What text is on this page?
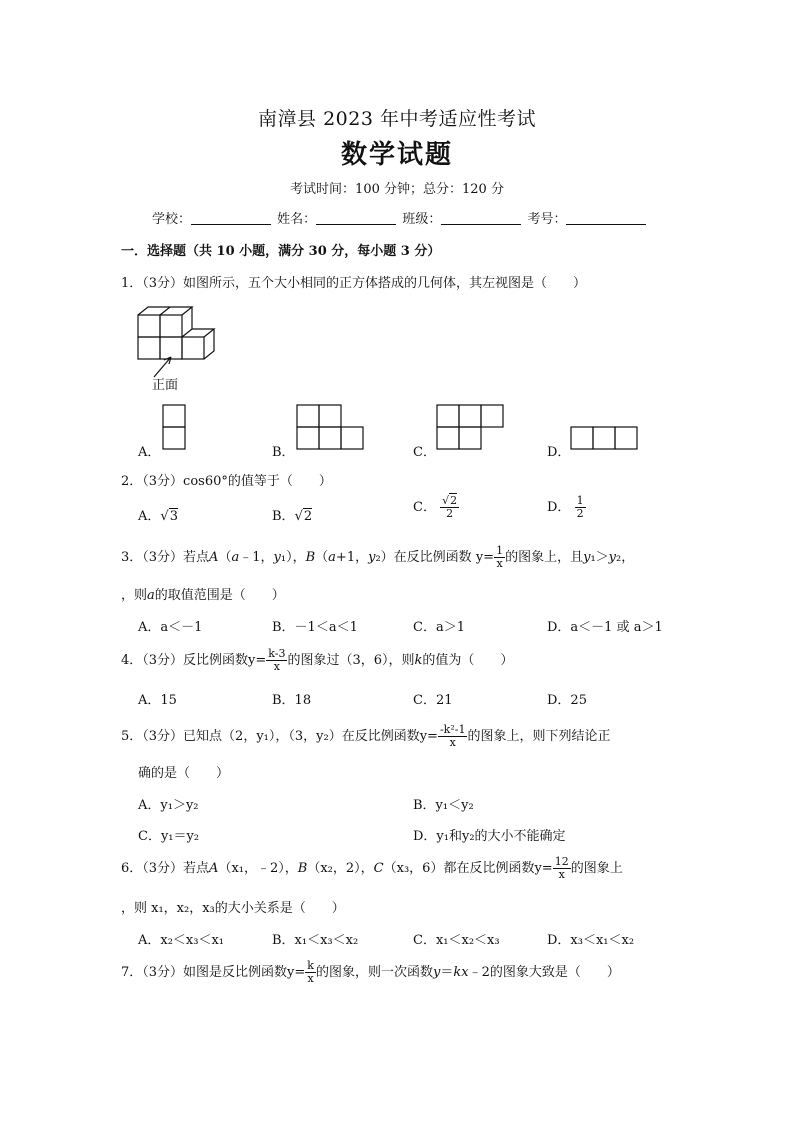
南漳县 2023 年中考适应性考试
数学试题
考试时间：100 分钟；总分：120 分
学校：	姓名：	班级：	考号：
一．选择题（共 10 小题，满分 30 分，每小题 3 分）
1．（3分）如图所示，五个大小相同的正方体搭成的几何体，其左视图是（　　）
正面
A．	B．	C．	D．
2．（3分）cos60°的值等于（　　）
A．√3	B．√2
C． $\frac{√2}{2}$	D． $\frac{1}{2}$
3．（3分）若点A（a﹣1，y₁），B（a+1，y₂）在反比例函数 $y= \frac{1}{x}$ 的图象上，且y₁＞y₂，
，则a的取值范围是（　　）
A．a＜－1	B．－1＜a＜1	C．a＞1	D．a＜－1 或 a＞1
4．（3分）反比例函数$y= \frac{k-3}{x}$ 的图象过（3，6），则k的值为（　　）
A．15	B．18	C．21	D．25
5．（3分）已知点（2，y₁），（3，y₂）在反比例函数$y= \frac{\text{-k²-1}}{x}$ 的图象上，则下列结论正
确的是（　　）
A．y₁＞y₂	B．y₁＜y₂
C．y₁＝y₂	D．y₁和y₂的大小不能确定
6．（3分）若点A（x₁，﹣2），B（x₂，2），C（x₃，6）都在反比例函数$y= \frac{12}{x}$ 的图象上
，则 x₁，x₂，x₃的大小关系是（　　）
A．x₂＜x₃＜x₁	B．x₁＜x₃＜x₂	C．x₁＜x₂＜x₃	D．x₃＜x₁＜x₂
7．（3分）如图是反比例函数$y= \frac{k}{x}$ 的图象，则一次函数y＝kx﹣2的图象大致是（　　）
